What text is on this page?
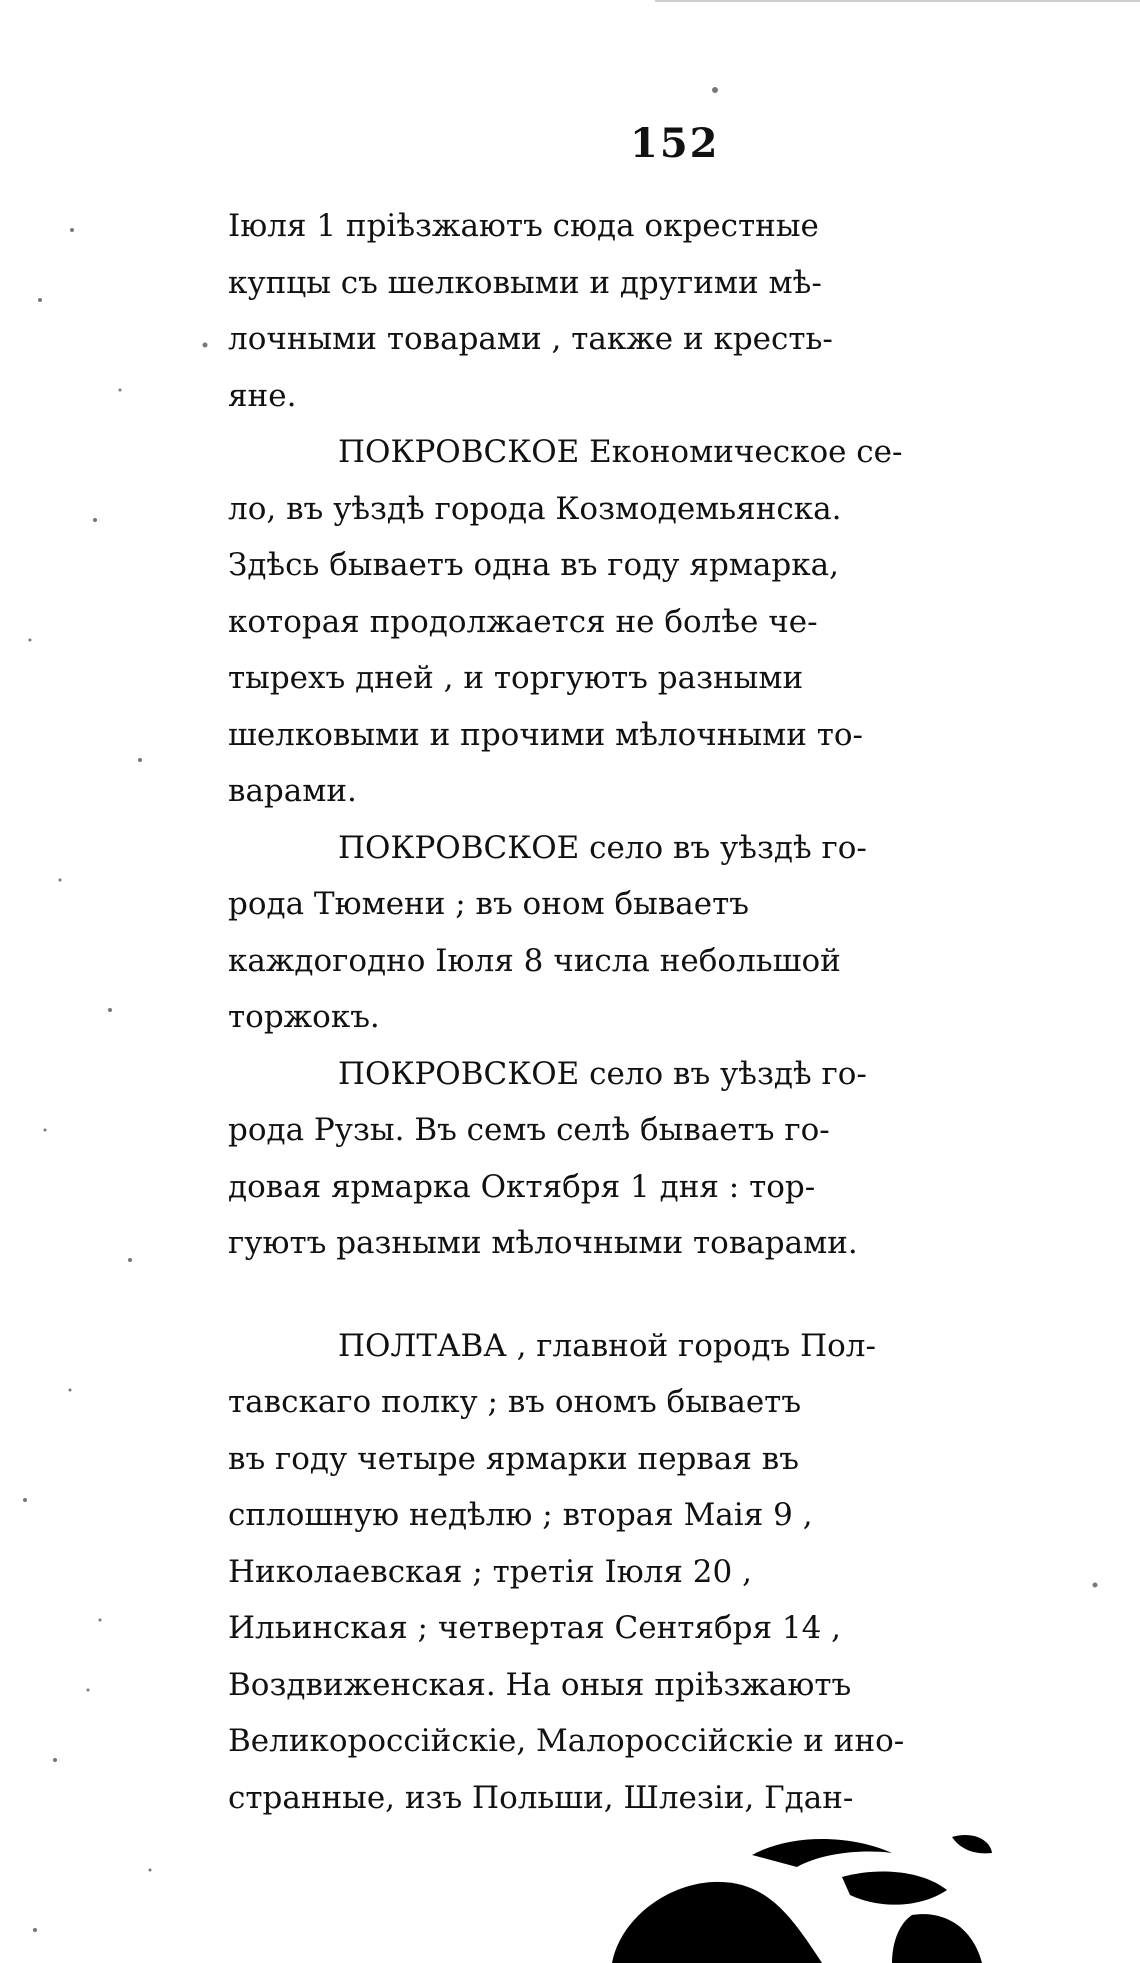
152
Іюля 1 пріѣзжаютъ сюда окрестные
купцы съ шелковыми и другими мѣ-
лочными товарами , также и кресть-
яне.
ПОКРОВСКОЕ Економическое се-
ло, въ уѣздѣ города Козмодемьянска.
Здѣсь бываетъ одна въ году ярмарка,
которая продолжается не болѣе че-
тырехъ дней , и торгуютъ разными
шелковыми и прочими мѣлочными то-
варами.
ПОКРОВСКОЕ село въ уѣздѣ го-
рода Тюмени ; въ оном бываетъ
каждогодно Іюля 8 числа небольшой
торжокъ.
ПОКРОВСКОЕ село въ уѣздѣ го-
рода Рузы. Въ семъ селѣ бываетъ го-
довая ярмарка Октября 1 дня : тор-
гуютъ разными мѣлочными товарами.
ПОЛТАВА , главной городъ Пол-
тавскаго полку ; въ ономъ бываетъ
въ году четыре ярмарки первая въ
сплошную недѣлю ; вторая Маія 9 ,
Николаевская ; третія Іюля 20 ,
Ильинская ; четвертая Сентября 14 ,
Воздвиженская. На оныя пріѣзжаютъ
Великороссійскіе, Малороссійскіе и ино-
странные, изъ Польши, Шлезіи, Гдан-
